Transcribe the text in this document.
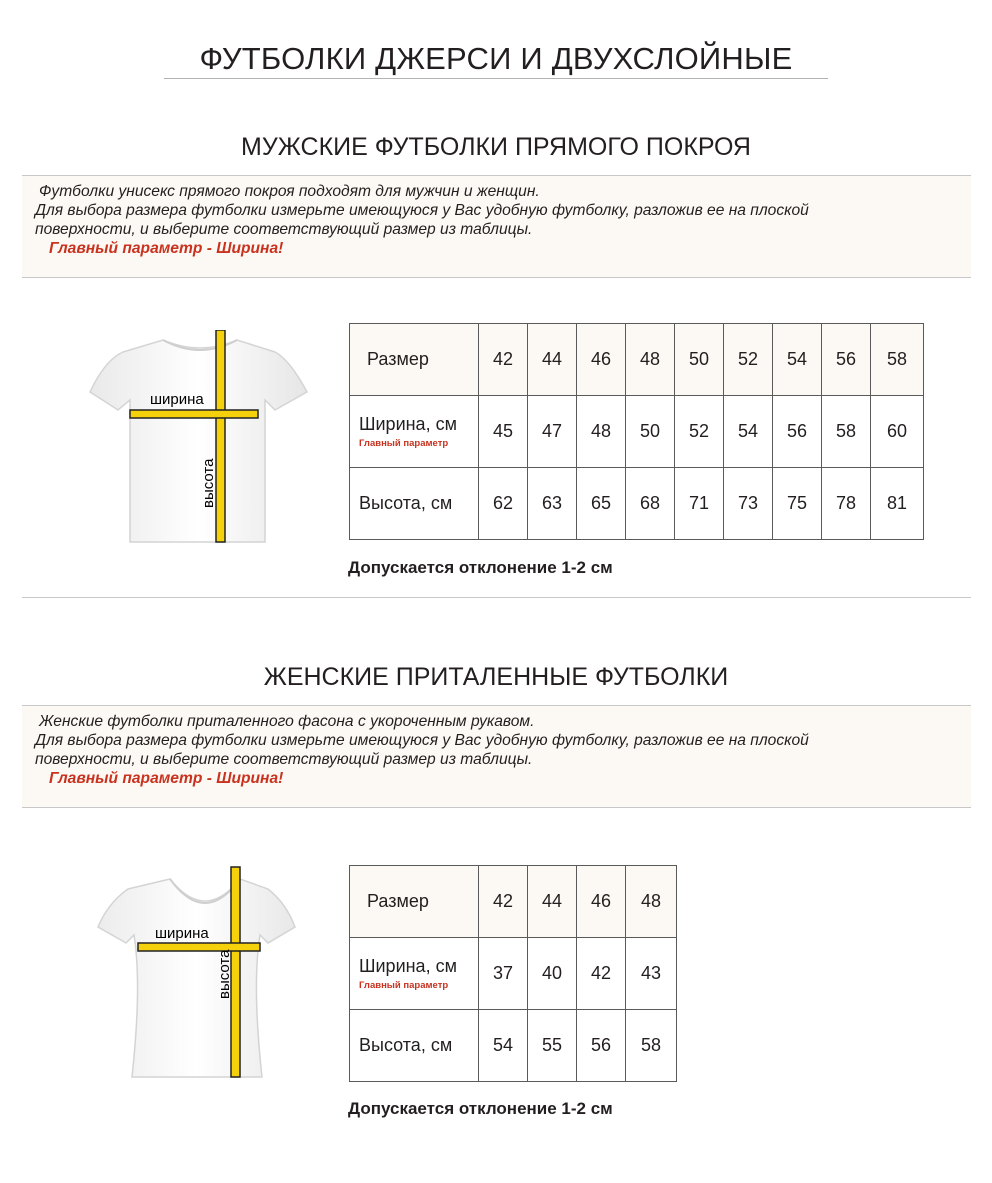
ФУТБОЛКИ ДЖЕРСИ И ДВУХСЛОЙНЫЕ
МУЖСКИЕ ФУТБОЛКИ ПРЯМОГО ПОКРОЯ
Футболки унисекс прямого покроя подходят для мужчин и женщин.
Для выбора размера футболки измерьте имеющуюся у Вас удобную футболку, разложив ее на плоской
поверхности, и выберите соответствующий размер из таблицы.
Главный параметр - Ширина!
ширина
высота
Размер	42	44	46	48	50	52	54	56	58
Ширина, см
Главный параметр	45	47	48	50	52	54	56	58	60
Высота, см	62	63	65	68	71	73	75	78	81
Допускается отклонение 1-2 см
ЖЕНСКИЕ ПРИТАЛЕННЫЕ ФУТБОЛКИ
Женские футболки приталенного фасона с укороченным рукавом.
Для выбора размера футболки измерьте имеющуюся у Вас удобную футболку, разложив ее на плоской
поверхности, и выберите соответствующий размер из таблицы.
Главный параметр - Ширина!
ширина
высота
Размер	42	44	46	48
Ширина, см
Главный параметр	37	40	42	43
Высота, см	54	55	56	58
Допускается отклонение 1-2 см
